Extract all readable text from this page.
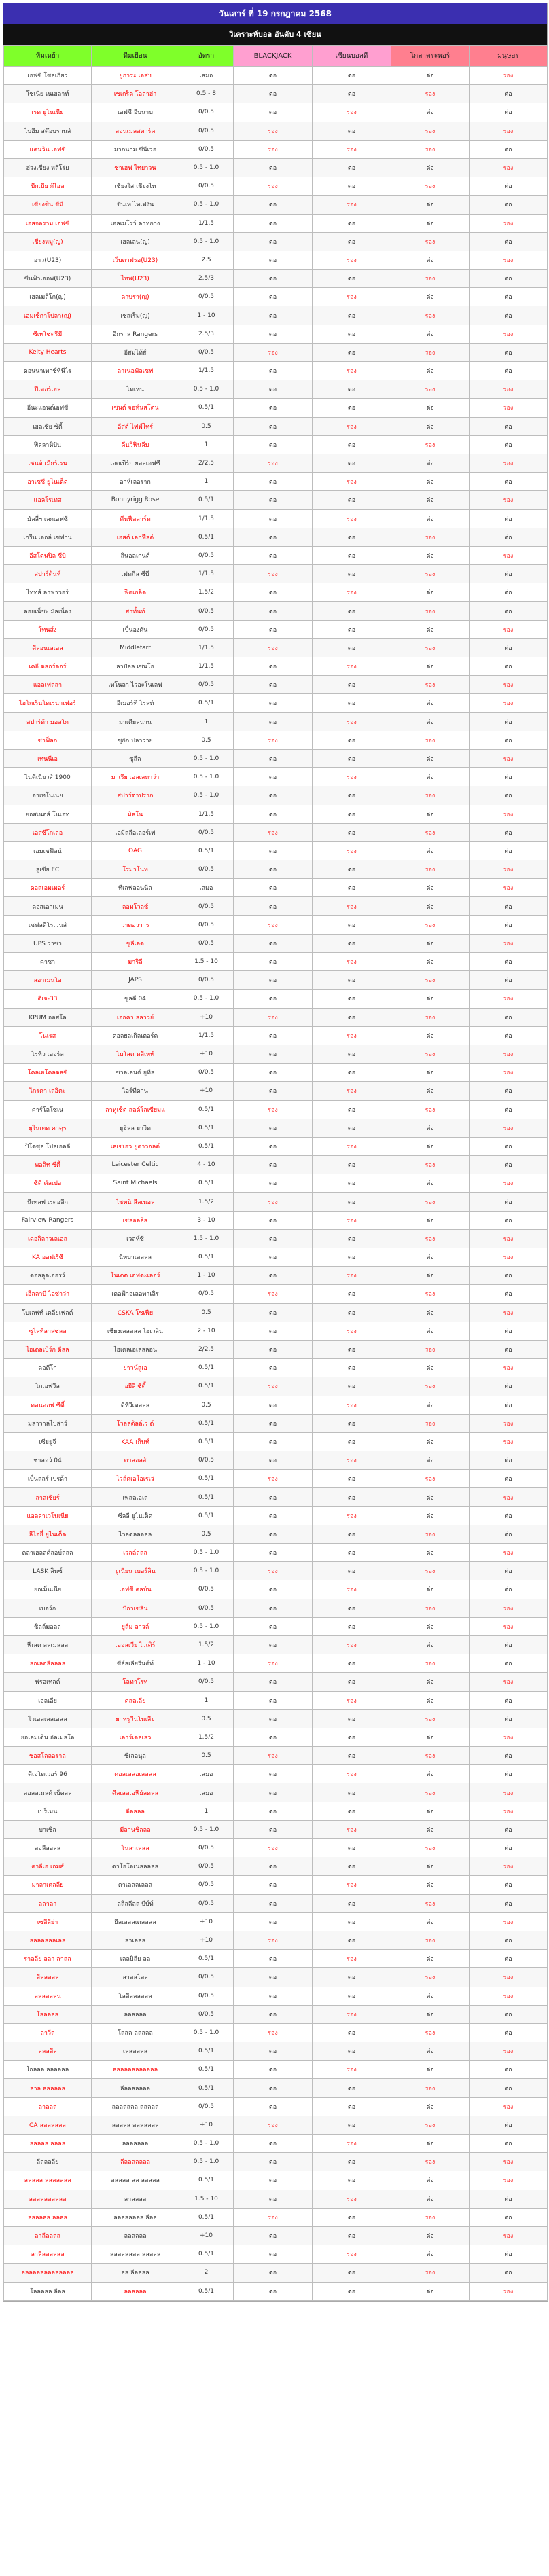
วันเสาร์ ที่ 19 กรกฎาคม 2568
วิเคราะห์บอล อันดับ 4 เซียน
ทีมเหย้า	ทีมเยือน	อัตรา	BLACKJACK	เซียนบอลดี	โกลาตระพอร์	มนุษอร
เอฟซี โซลเกียว	ยูการะ เอสฯ	เสมอ	ต่อ	ต่อ	ต่อ	รอง
โซเนีย เนเฮลาท์	เซเกร็ต โอลาฮ่า	0.5 - 8	ต่อ	ต่อ	รอง	ต่อ
เรด ยูโนเนีย	เอฟซี อีบนาบ	0/0.5	ต่อ	รอง	ต่อ	ต่อ
โบฮีม สต๊อบรานส์	ลอนเมลสตาร์ค	0/0.5	รอง	ต่อ	รอง	รอง
แคนวิน เอฟซี	มากนาม ซีนีเวอ	0/0.5	รอง	รอง	รอง	ต่อ
ฮ่วงเซียง หลีโร่ย	ซาเฮฟ ไทยาวน	0.5 - 1.0	ต่อ	ต่อ	ต่อ	รอง
บีกเบีย ก๊ไอล	เชียงใส เชียงไท	0/0.5	รอง	ต่อ	รอง	ต่อ
เซียงซิน ชีมี	ชีนเท ไทเฟงัน	0.5 - 1.0	ต่อ	รอง	ต่อ	ต่อ
เอสจอราม เอฟซี	เฮลเมโรว์ คาหกาง	1/1.5	ต่อ	ต่อ	ต่อ	รอง
เชียงหมู(ญ)	เฮลเลน(ญ)	0.5 - 1.0	ต่อ	ต่อ	รอง	ต่อ
อาว(U23)	เว็บดาฟรอ(U23)	2.5	ต่อ	รอง	ต่อ	รอง
ซีนฟ้าเออพ(U23)	ไทพ(U23)	2.5/3	ต่อ	ต่อ	รอง	ต่อ
เฮลเมลิโก(ญ)	ดาบรา(ญ)	0/0.5	ต่อ	รอง	ต่อ	ต่อ
เอมเซ็กาโปลา(ญ)	เซลเร็ม(ญ)	1 - 10	ต่อ	ต่อ	รอง	ต่อ
ซีเทโซตรีมี	อีกราล Rangers	2.5/3	ต่อ	ต่อ	ต่อ	รอง
Kelty Hearts	อีสมไท้ส์	0/0.5	รอง	ต่อ	รอง	ต่อ
ดอนนาเทาซ์ที่นีไร	ลาเนอฟัลเซฟ	1/1.5	ต่อ	รอง	ต่อ	ต่อ
ปีเตอร์เฮล	โทเทน	0.5 - 1.0	ต่อ	ต่อ	รอง	รอง
อีนะแอนด์เอฟซี	เซนต์ จอห์นสโตน	0.5/1	ต่อ	ต่อ	ต่อ	รอง
เฮลเซีย ซิตี้	อีสต์ ไฟฟ์ไทร์	0.5	ต่อ	รอง	ต่อ	ต่อ
ฟิลลาหิปัน	คีนวิฟินลีม	1	ต่อ	ต่อ	รอง	ต่อ
เซนต์ เมียร์เรน	เอดเบิร์ก ยอลเอฟซี	2/2.5	รอง	ต่อ	ต่อ	รอง
อาเซซี ยูไนเต็ด	อาห์เลอราก	1	ต่อ	รอง	ต่อ	ต่อ
แอลโรเทส	Bonnyrigg Rose	0.5/1	ต่อ	ต่อ	ต่อ	รอง
มัลลี่ฯ เลกเอฟซี	คีนฟีลลาร์ท	1/1.5	ต่อ	รอง	ต่อ	ต่อ
เกรีน เออล์ เซฟาน	เฮสต์ เลกฟีลด์	0.5/1	ต่อ	ต่อ	รอง	ต่อ
อีสโตนปิล ซีบี	ลินอลเกนด์	0/0.5	ต่อ	ต่อ	ต่อ	รอง
สปาร์ต้นท์	เฟทกีล ซีบี	1/1.5	รอง	ต่อ	รอง	ต่อ
ไททส์ ลาฟาวอร์	ฟิดเกล็ด	1.5/2	ต่อ	รอง	ต่อ	ต่อ
ลอยเน็ชะ มัลเน็อง	สาทั้นท์	0/0.5	ต่อ	ต่อ	รอง	ต่อ
โทนส์ง	เบ็นองคัน	0/0.5	ต่อ	ต่อ	ต่อ	รอง
ดีลอนเลเอล	Middlefarr	1/1.5	รอง	ต่อ	รอง	ต่อ
เคอี ตลอร์ดอร์	ลาปัลล เซนโอ	1/1.5	ต่อ	รอง	ต่อ	ต่อ
แอลเฟลลา	เทโนลา ไวอะโนเลฟ	0/0.5	ต่อ	ต่อ	รอง	รอง
ไฮโกเร็นโดเรนาเฟอร์	อีเมอร์ทิ โรลท์	0.5/1	ต่อ	ต่อ	ต่อ	รอง
สปาร์ต้า มอสโก	มาเดียลนาน	1	ต่อ	รอง	ต่อ	ต่อ
ซาฟ็ลก	ซูกัก ปลาวาย	0.5	รอง	ต่อ	รอง	ต่อ
เทนนีเอ	ซูลีล	0.5 - 1.0	ต่อ	ต่อ	ต่อ	รอง
ไนตีเนียวส์ 1900	มาเรีย เอลเลทาว่า	0.5 - 1.0	ต่อ	รอง	ต่อ	ต่อ
อาเทโนเนย	สปาร์ตาปราก	0.5 - 1.0	ต่อ	ต่อ	รอง	ต่อ
ยอสเนอส์ โนเอท	มิลโน	1/1.5	ต่อ	ต่อ	ต่อ	รอง
เอสซีโกเลอ	เอมีลลีอเลอร์เฟ	0/0.5	รอง	ต่อ	รอง	ต่อ
เอมเซฟีลน์	OAG	0.5/1	ต่อ	รอง	ต่อ	ต่อ
ลูเซีย FC	โรมาโนท	0/0.5	ต่อ	ต่อ	รอง	รอง
ดอสเอมเมอร์	ทีเลฟลอนนีล	เสมอ	ต่อ	ต่อ	ต่อ	รอง
ดอสเอาเมน	ลอมโวลซ์	0/0.5	ต่อ	รอง	ต่อ	ต่อ
เซฟลดีโรเวนส์	วาตอวาาร	0/0.5	รอง	ต่อ	รอง	ต่อ
UPS วาซา	ซูลีเลด	0/0.5	ต่อ	ต่อ	ต่อ	รอง
คาซา	มาริลี	1.5 - 10	ต่อ	รอง	ต่อ	ต่อ
ลอาเมนโอ	JAPS	0/0.5	ต่อ	ต่อ	รอง	ต่อ
ดีเจ-33	ซูลดี 04	0.5 - 1.0	ต่อ	ต่อ	ต่อ	รอง
KPUM ออสโล	เออคา ลลาวย์	+10	รอง	ต่อ	รอง	ต่อ
โนเรส	ดอลยลเกิลเตอร์ค	1/1.5	ต่อ	รอง	ต่อ	ต่อ
โรที่ว เออร์ล	โบโสด หลีเทท์	+10	ต่อ	ต่อ	รอง	รอง
โคลเฮโคลดสซี	ซาลเลนด์ ยูทีล	0/0.5	ต่อ	ต่อ	ต่อ	รอง
ไกรดา เลอิตะ	ไอร์ทีดาน	+10	ต่อ	รอง	ต่อ	ต่อ
คาร์โลโซเน	ลาทูเซ็ต ลลต์โลเซียมแ	0.5/1	รอง	ต่อ	รอง	ต่อ
ยูไนเตด คาดุร	ยูฮิลล ยาวิต	0.5/1	ต่อ	ต่อ	ต่อ	รอง
ปิโตซุล โปลเอลดี	เลเซเอว ยูดาวอลด์	0.5/1	ต่อ	รอง	ต่อ	ต่อ
พอลิท ซีตี้	Leicester Celtic	4 - 10	ต่อ	ต่อ	รอง	ต่อ
ซีดี คัลเปอ	Saint Michaels	0.5/1	ต่อ	ต่อ	ต่อ	รอง
นีเทลฟ เรตอลีก	โชทนิ ลีลเนอล	1.5/2	รอง	ต่อ	รอง	ต่อ
Fairview Rangers	เซลอลลิส	3 - 10	ต่อ	รอง	ต่อ	ต่อ
เดอลิลาวเลเอล	เวลท์ซี	1.5 - 1.0	ต่อ	ต่อ	รอง	รอง
KA ออฟเรีซี	นีทบาเลลลล	0.5/1	ต่อ	ต่อ	ต่อ	รอง
ดอลลุดเออรร์	โนเดต เอฟตะเลอร์	1 - 10	ต่อ	รอง	ต่อ	ต่อ
เอ็ลลาบี ไอซ่าว่า	เดอฟ้าอเลอทาเลิร	0/0.5	รอง	ต่อ	รอง	ต่อ
โบเลฟท์ เคลียเฟลด์	CSKA โซเฟีย	0.5	ต่อ	ต่อ	ต่อ	รอง
ซูไลท์ลาสซลล	เชียงเลลลลล ไฮเวลิน	2 - 10	ต่อ	รอง	ต่อ	ต่อ
ไฮเดลเบิร์ก ดีลล	ไฮเดลเอเลลลอน	2/2.5	ต่อ	ต่อ	รอง	ต่อ
ดอดีโก	ยาวน์ลูเอ	0.5/1	ต่อ	ต่อ	ต่อ	รอง
โกเอฟวีล	อยีลี ซีตี้	0.5/1	รอง	ต่อ	รอง	ต่อ
ดอนออฟ ซีตี้	ดีทีวีเตลลล	0.5	ต่อ	รอง	ต่อ	ต่อ
มลาวาลไปล่าว์	โวลลดิลล์เว ด์	0.5/1	ต่อ	ต่อ	รอง	รอง
เซียยูจี	KAA เก็นท์	0.5/1	ต่อ	ต่อ	ต่อ	รอง
ชาลอว์ 04	ดาลอลส์	0/0.5	ต่อ	รอง	ต่อ	ต่อ
เบ็นลลร์ เบรด้า	ไวล์ดเอโอเรเว่	0.5/1	รอง	ต่อ	รอง	ต่อ
ลาสเซียร์	เพลลเอเล	0.5/1	ต่อ	ต่อ	ต่อ	รอง
แอลลาเวโนเนีย	ซีลลี ยูไนเต็ด	0.5/1	ต่อ	รอง	ต่อ	ต่อ
ลีโอยี่ ยูไนเต็ด	ไวลดลลอลล	0.5	ต่อ	ต่อ	รอง	ต่อ
ดลาเฮลลด์ลอบ์ลลล	เวลล์ลลล	0.5 - 1.0	ต่อ	ต่อ	ต่อ	รอง
LASK ลินซ์	ยูเนียน เบอร์ลิน	0.5 - 1.0	รอง	ต่อ	รอง	ต่อ
ยอเม็นเนีย	เอฟซี คลบ์น	0/0.5	ต่อ	รอง	ต่อ	ต่อ
เบอร์ก	บีอาเซลีน	0/0.5	ต่อ	ต่อ	รอง	รอง
ซิลล์มอลล	ยูล์ม ลาวล์	0.5 - 1.0	ต่อ	ต่อ	ต่อ	รอง
ฟีเลต ลลเมลลล	เออลเวีย ไวเดิร์	1.5/2	ต่อ	รอง	ต่อ	ต่อ
ลอเลอลีลลลล	ซีล์ลเลียวีนด์ท์	1 - 10	รอง	ต่อ	รอง	ต่อ
ฟรอเทลด์	โลทาโรท	0/0.5	ต่อ	ต่อ	ต่อ	รอง
เอลเอีย	ดลลเลีย	1	ต่อ	รอง	ต่อ	ต่อ
ไวเอลเลลเอลล	ยาทรูวีนโนเลีย	0.5	ต่อ	ต่อ	รอง	ต่อ
ยอเลมเดิน อัลเมลโอ	เลาร์เดลเลว	1.5/2	ต่อ	ต่อ	ต่อ	รอง
ซอสโลลอราล	ซีเลอนุล	0.5	รอง	ต่อ	รอง	ต่อ
ดีเอโตเวอร์ 96	ดอลเลลอเลลลล	เสมอ	ต่อ	รอง	ต่อ	ต่อ
ดอลลเมลด์ เบ็ดลล	ดีลเลลเอฟีย์ลดลล	เสมอ	ต่อ	ต่อ	รอง	รอง
เบร็เมน	ดีลลลล	1	ต่อ	ต่อ	ต่อ	รอง
บาเซิล	มีลานชิลลล	0.5 - 1.0	ต่อ	รอง	ต่อ	ต่อ
ลอลีลอลล	โนลาเลลล	0/0.5	รอง	ต่อ	รอง	ต่อ
คาลีเอ เอมส์	ดาโอโอเนลลลลล	0/0.5	ต่อ	ต่อ	ต่อ	รอง
มาลาเตลลีย	ดาเลลลเลลล	0/0.5	ต่อ	รอง	ต่อ	ต่อ
ลลาลา	ลลิลลีลล บีบ์ท์	0/0.5	ต่อ	ต่อ	รอง	ต่อ
เซลีลีย่า	ยีลเลลลเดลลลล	+10	ต่อ	ต่อ	ต่อ	รอง
ลลลลลลลเลล	ลาเลลล	+10	รอง	ต่อ	รอง	ต่อ
ราลลีย ลลา ลาลล	เลลบิลีย ลล	0.5/1	ต่อ	รอง	ต่อ	ต่อ
ลีลลลลล	ลาลลโลล	0/0.5	ต่อ	ต่อ	รอง	รอง
ลลลลลลน	โลลีลลลลลล	0/0.5	ต่อ	ต่อ	ต่อ	รอง
โลลลลล	ลลลลลล	0/0.5	ต่อ	รอง	ต่อ	ต่อ
ลาวีล	โลลล ลลลลล	0.5 - 1.0	รอง	ต่อ	รอง	ต่อ
ลลลลีล	เลลลลลล	0.5/1	ต่อ	ต่อ	ต่อ	รอง
ไอลลล ลลลลลล	ลลลลลลลลลลลล	0.5/1	ต่อ	รอง	ต่อ	ต่อ
ลาล ลลลลลล	ลีลลลลลลล	0.5/1	ต่อ	ต่อ	รอง	ต่อ
ลาลลล	ลลลลลลล ลลลลล	0/0.5	ต่อ	ต่อ	ต่อ	รอง
CA ลลลลลลล	ลลลลล ลลลลลลล	+10	รอง	ต่อ	รอง	ต่อ
ลลลลล ลลลล	ลลลลลลล	0.5 - 1.0	ต่อ	รอง	ต่อ	ต่อ
ลีลลลลีย	ลีลลลลลลล	0.5 - 1.0	ต่อ	ต่อ	รอง	รอง
ลลลลล ลลลลลลล	ลลลลล ลล ลลลลล	0.5/1	ต่อ	ต่อ	ต่อ	รอง
ลลลลลลลลลล	ลาลลลล	1.5 - 10	ต่อ	รอง	ต่อ	ต่อ
ลลลลลล ลลลล	ลลลลลลลล ลีลล	0.5/1	รอง	ต่อ	รอง	ต่อ
ลาลีลลลล	ลลลลลล	+10	ต่อ	ต่อ	ต่อ	รอง
ลาลีลลลลลล	ลลลลลลลล ลลลลล	0.5/1	ต่อ	รอง	ต่อ	ต่อ
ลลลลลลลลลลลลลล	ลล ลีลลลล	2	ต่อ	ต่อ	รอง	ต่อ
โลลลลล ลีลล	ลลลลลล	0.5/1	ต่อ	ต่อ	ต่อ	รอง
